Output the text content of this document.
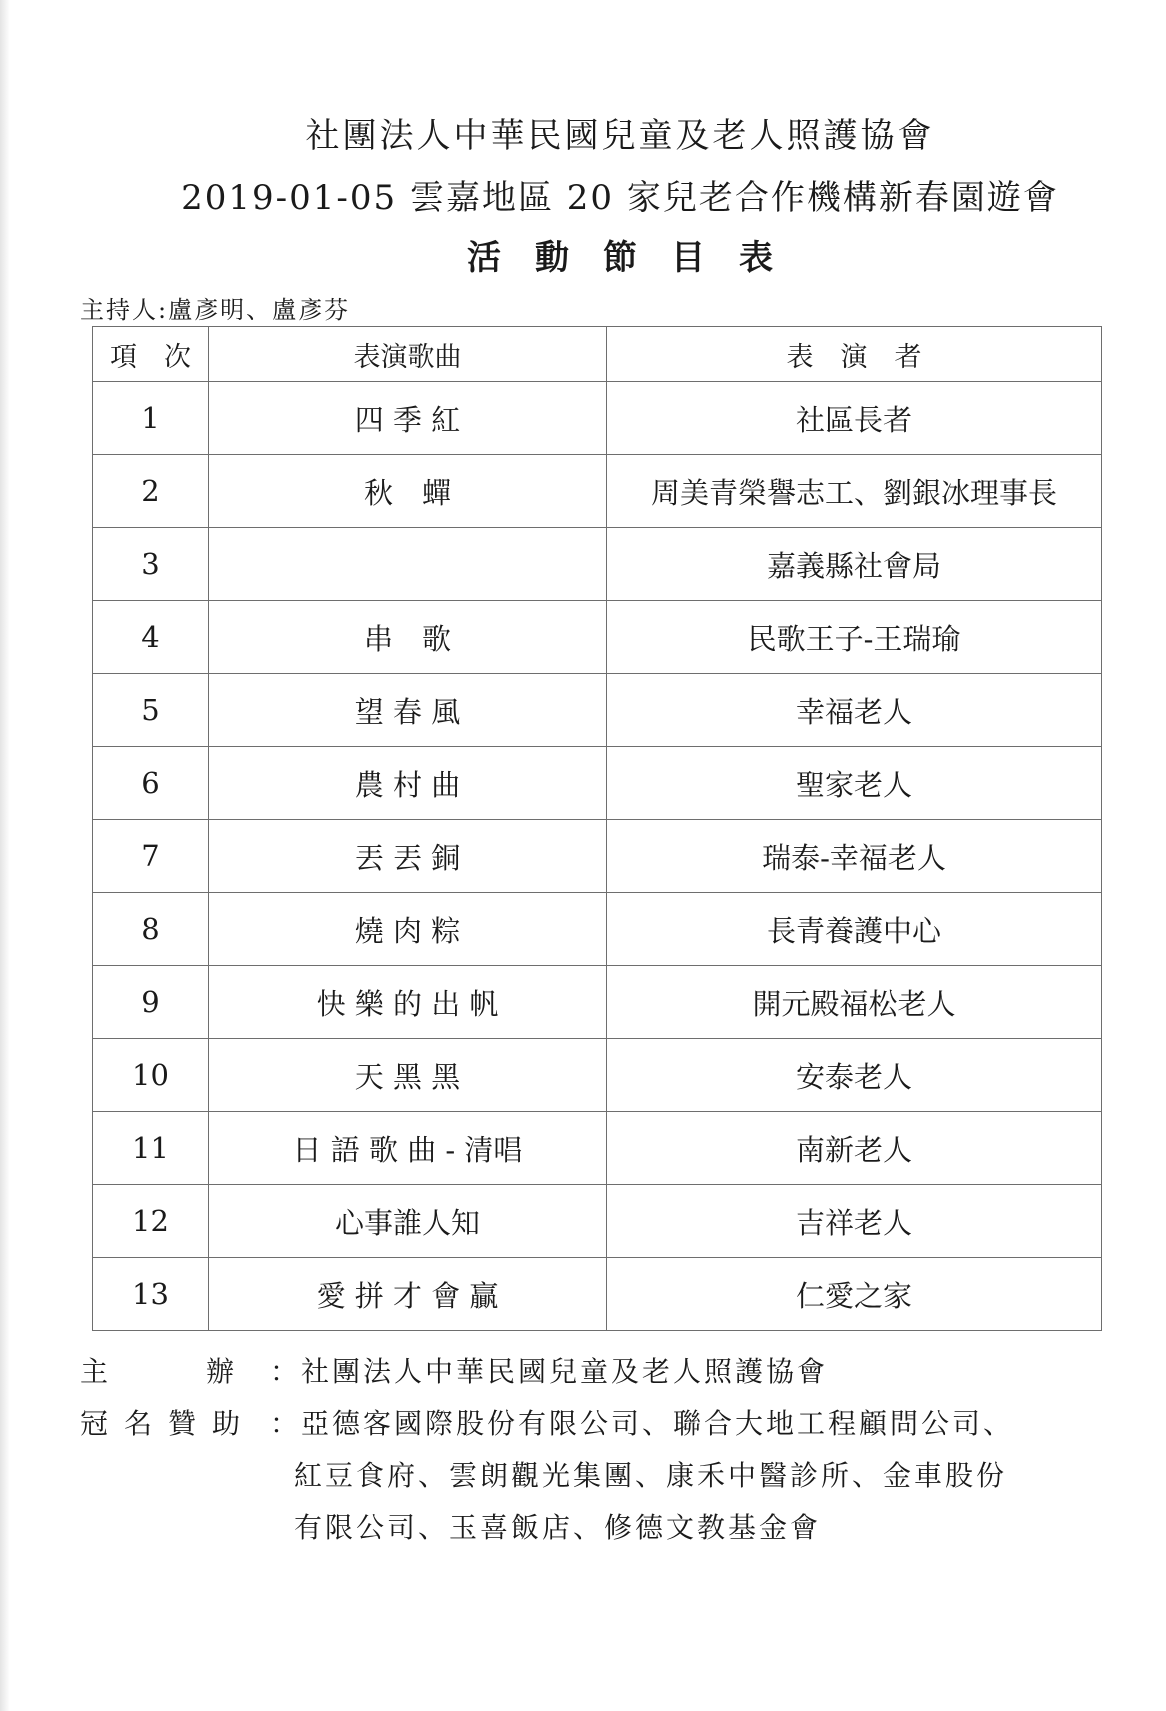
社團法人中華民國兒童及老人照護協會
2019-01-05 雲嘉地區 20 家兒老合作機構新春園遊會
活　動　節　目　表
主持人:盧彥明、盧彥芬
項　次	表演歌曲	表　演　者
1	四 季 紅	社區長者
2	秋　蟬	周美青榮譽志工、劉銀冰理事長
3		嘉義縣社會局
4	串　歌	民歌王子-王瑞瑜
5	望 春 風	幸福老人
6	農 村 曲	聖家老人
7	丟 丟 銅	瑞泰-幸福老人
8	燒 肉 粽	長青養護中心
9	快 樂 的 出 帆	開元殿福松老人
10	天 黑 黑	安泰老人
11	日 語 歌 曲 - 清唱	南新老人
12	心事誰人知	吉祥老人
13	愛 拼 才 會 贏	仁愛之家
主	辦 ：社團法人中華民國兒童及老人照護協會
冠名贊助 ：亞德客國際股份有限公司、聯合大地工程顧問公司、
紅豆食府、雲朗觀光集團、康禾中醫診所、金車股份
有限公司、玉喜飯店、修德文教基金會
